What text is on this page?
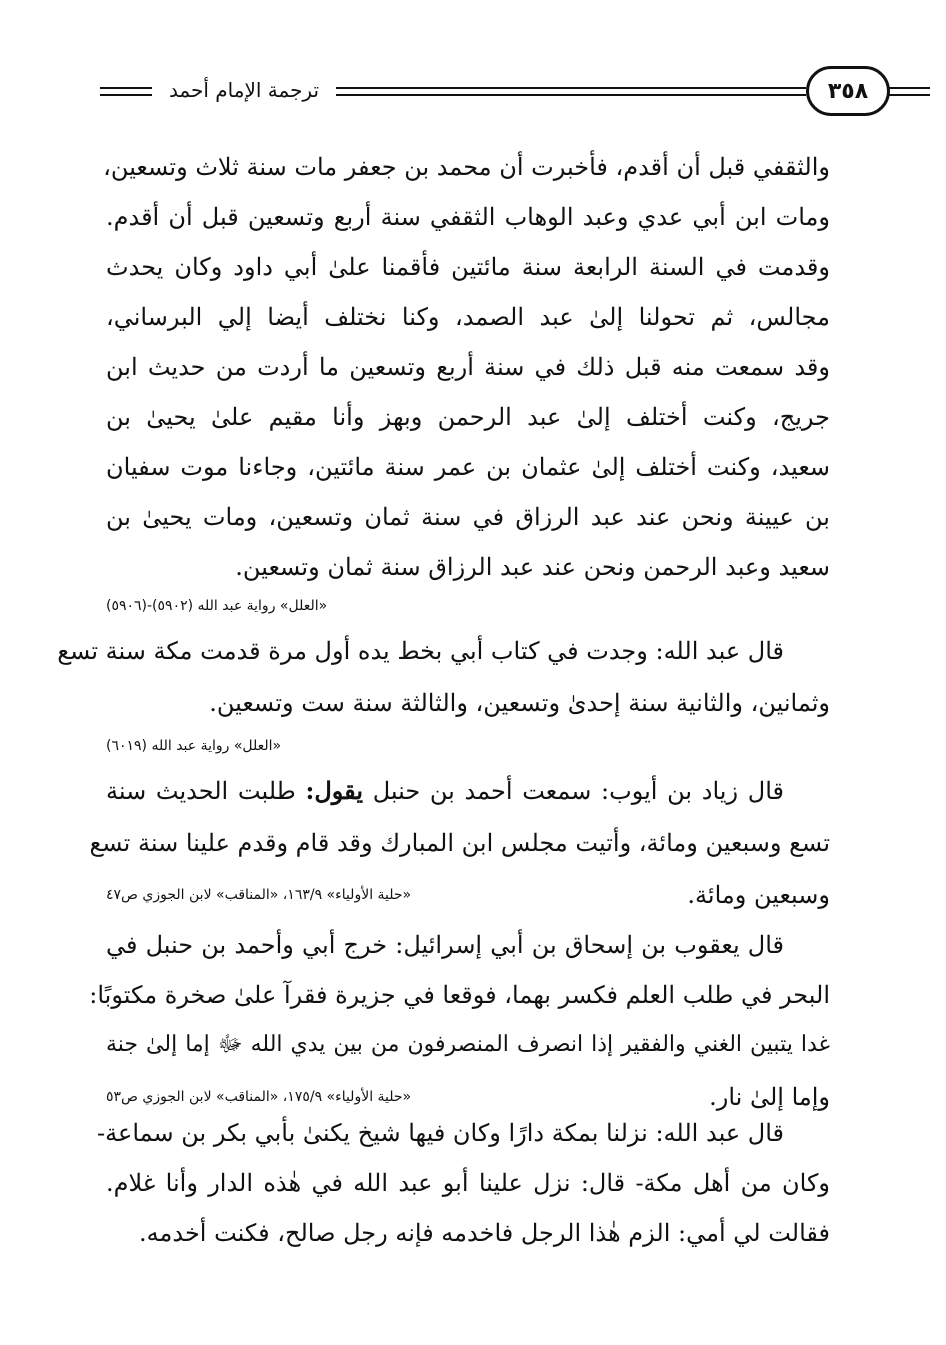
ترجمة الإمام أحمد	٣٥٨
والثقفي قبل أن أقدم، فأخبرت أن محمد بن جعفر مات سنة ثلاث وتسعين،
ومات ابن أبي عدي وعبد الوهاب الثقفي سنة أربع وتسعين قبل أن أقدم.
وقدمت في السنة الرابعة سنة مائتين فأقمنا علىٰ أبي داود وكان يحدث
مجالس، ثم تحولنا إلىٰ عبد الصمد، وكنا نختلف أيضا إلي البرساني،
وقد سمعت منه قبل ذلك في سنة أربع وتسعين ما أردت من حديث ابن
جريج، وكنت أختلف إلىٰ عبد الرحمن وبهز وأنا مقيم علىٰ يحيىٰ بن
سعيد، وكنت أختلف إلىٰ عثمان بن عمر سنة مائتين، وجاءنا موت سفيان
بن عيينة ونحن عند عبد الرزاق في سنة ثمان وتسعين، ومات يحيىٰ بن
سعيد وعبد الرحمن ونحن عند عبد الرزاق سنة ثمان وتسعين.
«العلل» رواية عبد الله (٥٩٠٢)-(٥٩٠٦)
قال عبد الله: وجدت في كتاب أبي بخط يده أول مرة قدمت مكة سنة تسع
وثمانين، والثانية سنة إحدىٰ وتسعين، والثالثة سنة ست وتسعين.
«العلل» رواية عبد الله (٦٠١٩)
قال زياد بن أيوب: سمعت أحمد بن حنبل يقول: طلبت الحديث سنة
تسع وسبعين ومائة، وأتيت مجلس ابن المبارك وقد قام وقدم علينا سنة تسع
وسبعين ومائة.
«حلية الأولياء» ١٦٣/٩، «المناقب» لابن الجوزي ص٤٧
قال يعقوب بن إسحاق بن أبي إسرائيل: خرج أبي وأحمد بن حنبل في
البحر في طلب العلم فكسر بهما، فوقعا في جزيرة فقرآ علىٰ صخرة مكتوبًا:
غدا يتبين الغني والفقير إذا انصرف المنصرفون من بين يدي الله ﷻ إما إلىٰ جنة
وإما إلىٰ نار.
«حلية الأولياء» ١٧٥/٩، «المناقب» لابن الجوزي ص٥٣
قال عبد الله: نزلنا بمكة دارًا وكان فيها شيخ يكنىٰ بأبي بكر بن سماعة-
وكان من أهل مكة- قال: نزل علينا أبو عبد الله في هٰذه الدار وأنا غلام.
فقالت لي أمي: الزم هٰذا الرجل فاخدمه فإنه رجل صالح، فكنت أخدمه.
